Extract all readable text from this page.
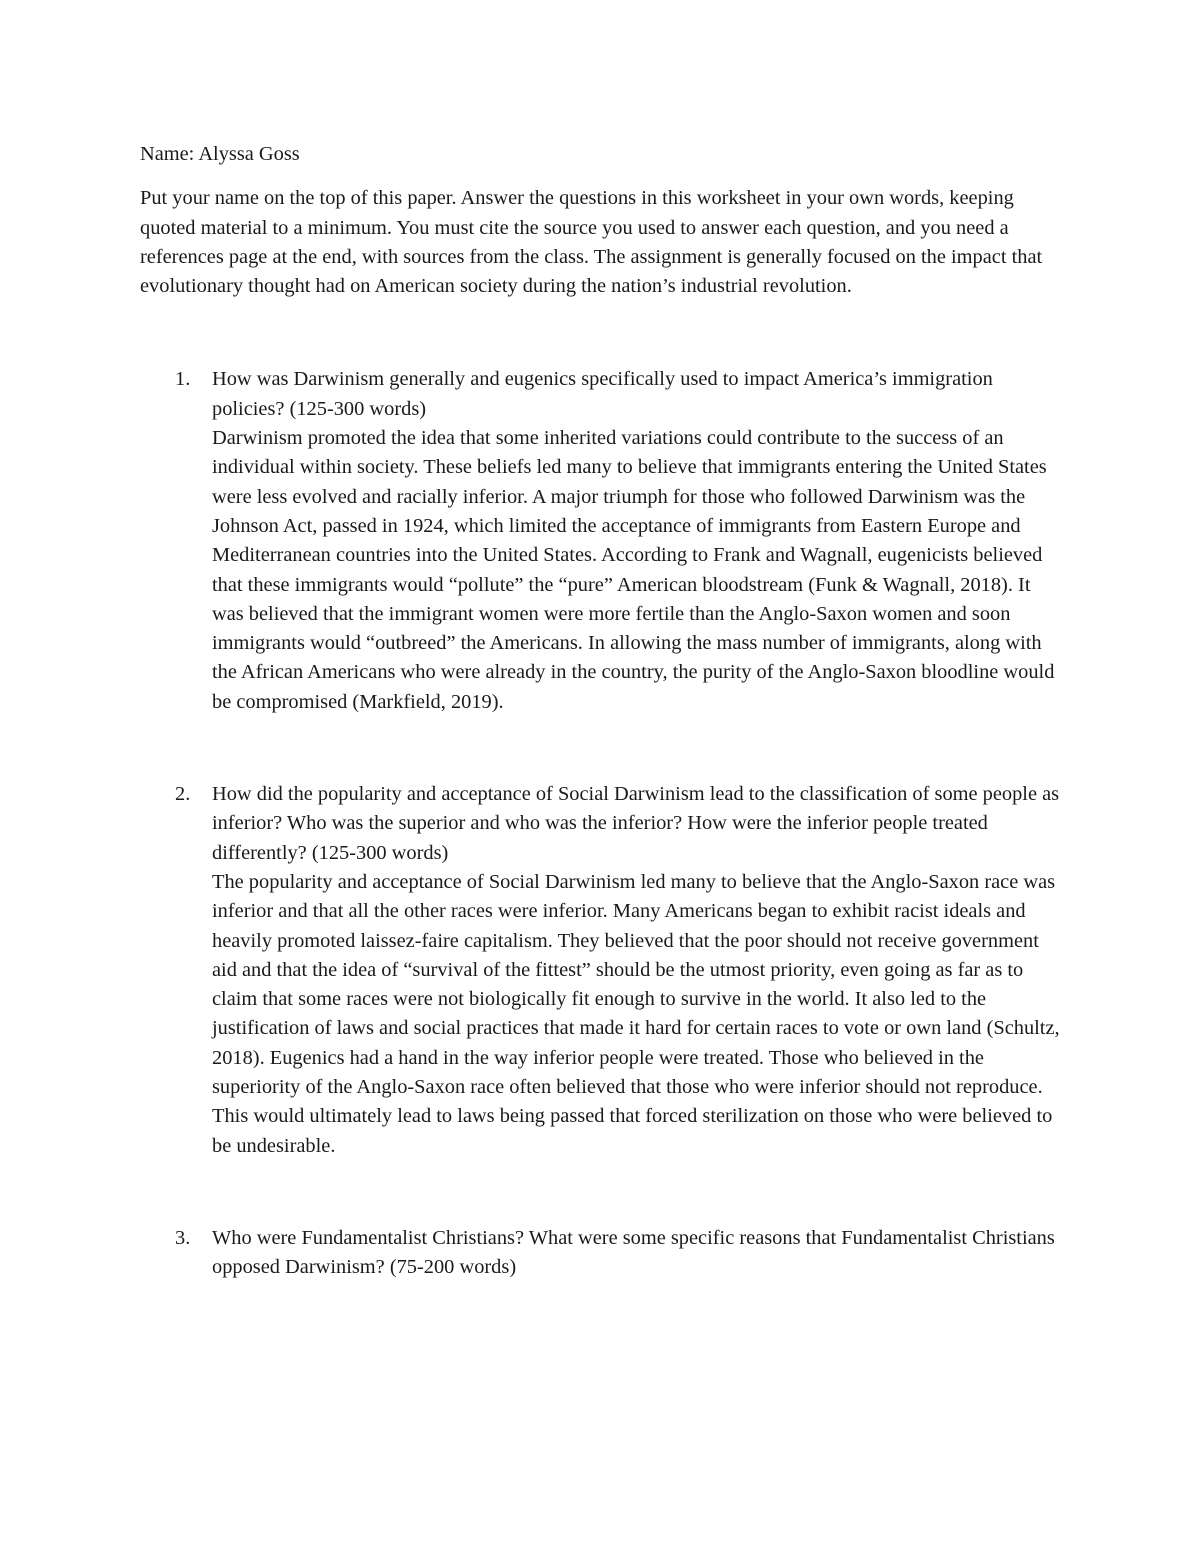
Name: Alyssa Goss

Put your name on the top of this paper. Answer the questions in this worksheet in your own words, keeping quoted material to a minimum. You must cite the source you used to answer each question, and you need a references page at the end, with sources from the class. The assignment is generally focused on the impact that evolutionary thought had on American society during the nation’s industrial revolution.

1. How was Darwinism generally and eugenics specifically used to impact America’s immigration policies? (125-300 words)

Darwinism promoted the idea that some inherited variations could contribute to the success of an individual within society. These beliefs led many to believe that immigrants entering the United States were less evolved and racially inferior. A major triumph for those who followed Darwinism was the Johnson Act, passed in 1924, which limited the acceptance of immigrants from Eastern Europe and Mediterranean countries into the United States. According to Frank and Wagnall, eugenicists believed that these immigrants would “pollute” the “pure” American bloodstream (Funk & Wagnall, 2018). It was believed that the immigrant women were more fertile than the Anglo-Saxon women and soon immigrants would “outbreed” the Americans. In allowing the mass number of immigrants, along with the African Americans who were already in the country, the purity of the Anglo-Saxon bloodline would be compromised (Markfield, 2019).

2. How did the popularity and acceptance of Social Darwinism lead to the classification of some people as inferior? Who was the superior and who was the inferior? How were the inferior people treated differently? (125-300 words)

The popularity and acceptance of Social Darwinism led many to believe that the Anglo-Saxon race was inferior and that all the other races were inferior. Many Americans began to exhibit racist ideals and heavily promoted laissez-faire capitalism. They believed that the poor should not receive government aid and that the idea of “survival of the fittest” should be the utmost priority, even going as far as to claim that some races were not biologically fit enough to survive in the world. It also led to the justification of laws and social practices that made it hard for certain races to vote or own land (Schultz, 2018). Eugenics had a hand in the way inferior people were treated. Those who believed in the superiority of the Anglo-Saxon race often believed that those who were inferior should not reproduce. This would ultimately lead to laws being passed that forced sterilization on those who were believed to be undesirable.

3. Who were Fundamentalist Christians? What were some specific reasons that Fundamentalist Christians opposed Darwinism? (75-200 words)
